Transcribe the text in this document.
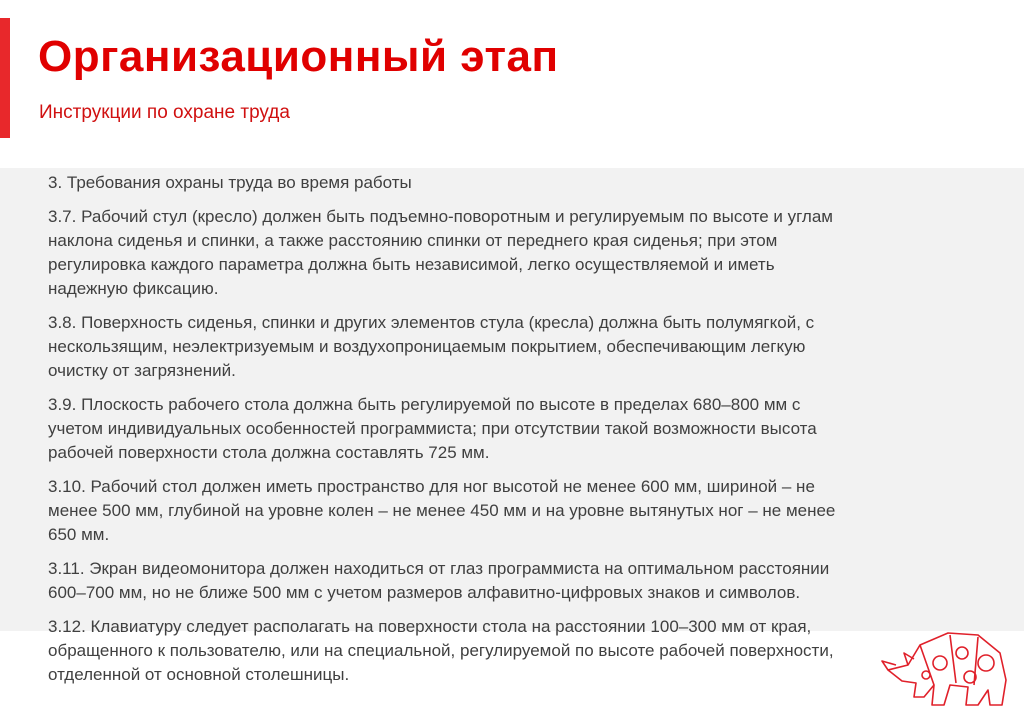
Организационный этап
Инструкции по охране труда
3. Требования охраны труда во время работы
3.7. Рабочий стул (кресло) должен быть подъемно-поворотным и регулируемым по высоте и углам
наклона сиденья и спинки, а также расстоянию спинки от переднего края сиденья; при этом
регулировка каждого параметра должна быть независимой, легко осуществляемой и иметь
надежную фиксацию.
3.8. Поверхность сиденья, спинки и других элементов стула (кресла) должна быть полумягкой, с
нескользящим, неэлектризуемым и воздухопроницаемым покрытием, обеспечивающим легкую
очистку от загрязнений.
3.9. Плоскость рабочего стола должна быть регулируемой по высоте в пределах 680–800 мм с
учетом индивидуальных особенностей программиста; при отсутствии такой возможности высота
рабочей поверхности стола должна составлять 725 мм.
3.10. Рабочий стол должен иметь пространство для ног высотой не менее 600 мм, шириной – не
менее 500 мм, глубиной на уровне колен – не менее 450 мм и на уровне вытянутых ног – не менее
650 мм.
3.11. Экран видеомонитора должен находиться от глаз программиста на оптимальном расстоянии
600–700 мм, но не ближе 500 мм с учетом размеров алфавитно-цифровых знаков и символов.
3.12. Клавиатуру следует располагать на поверхности стола на расстоянии 100–300 мм от края,
обращенного к пользователю, или на специальной, регулируемой по высоте рабочей поверхности,
отделенной от основной столешницы.
